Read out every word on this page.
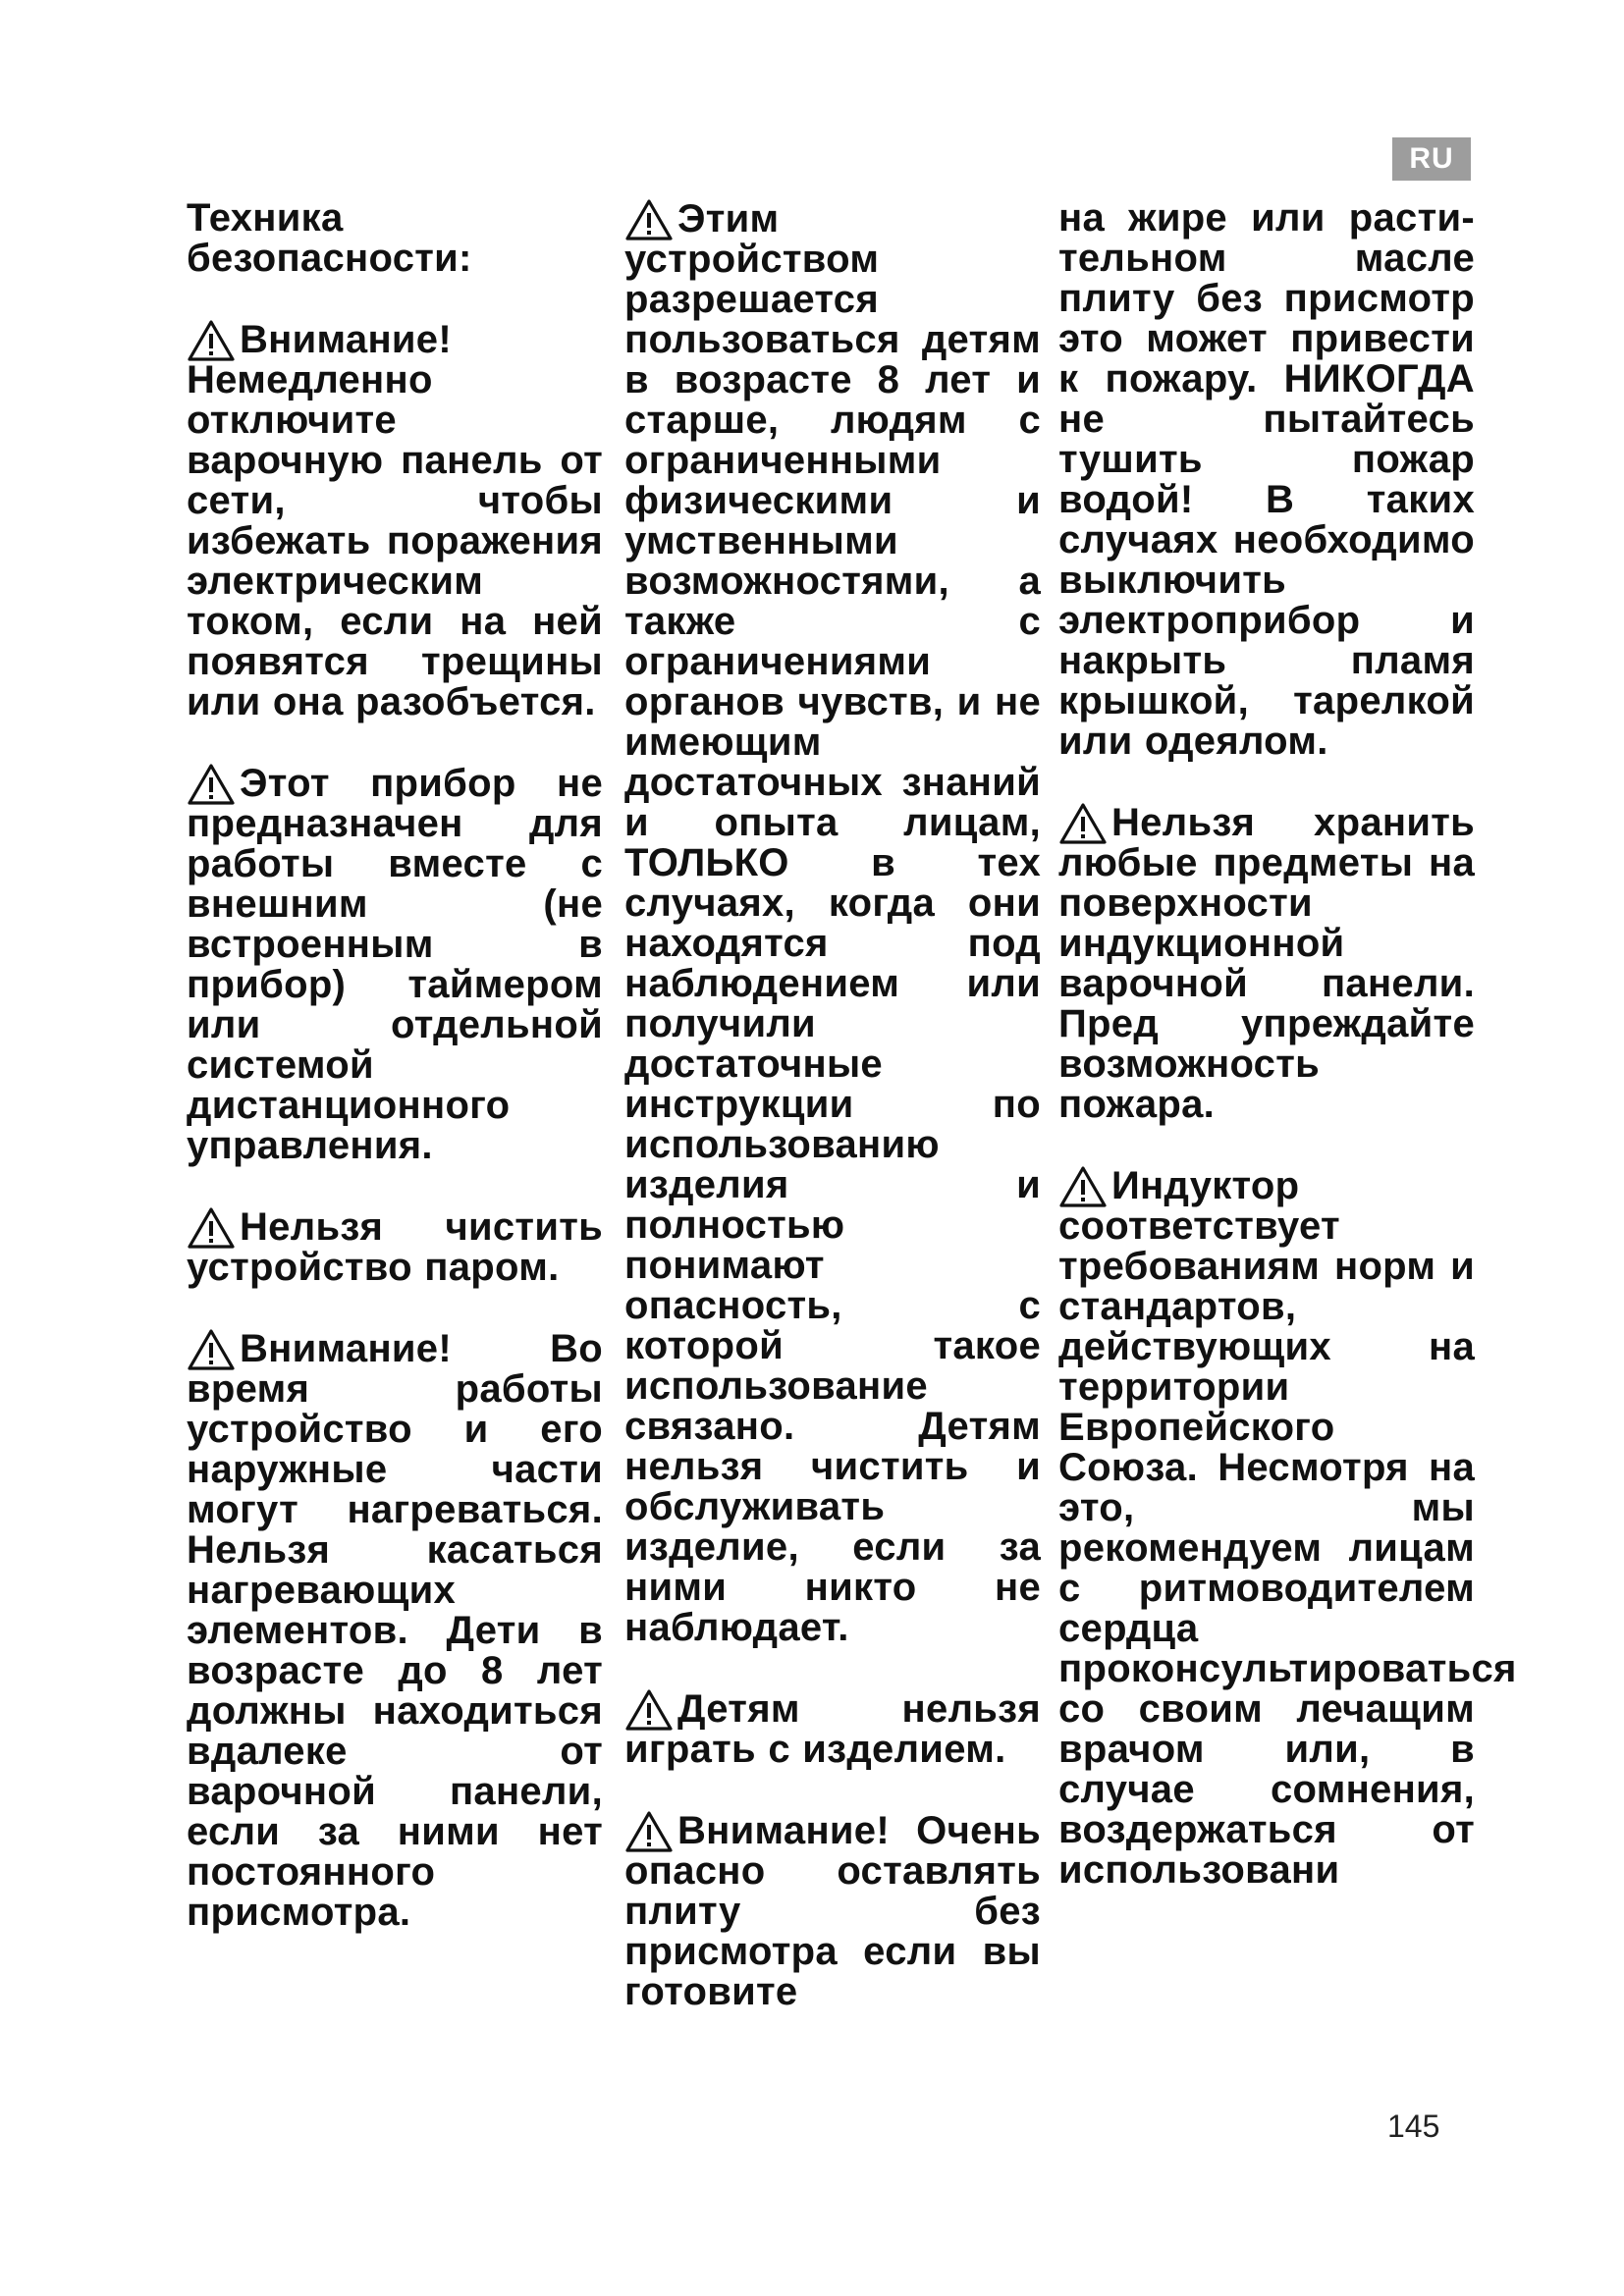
RU

Техника безопасности:

Внимание! Немедленно отключите варочную панель от сети, чтобы избежать поражения электрическим током, если на ней появятся трещины или она разобъется.

Этот прибор не предназначен для работы вместе с внешним (не встроенным в прибор) таймером или отдельной системой дистанционного управления.

Нельзя чистить устройство паром.

Внимание! Во время работы устройство и его наружные части могут нагреваться. Нельзя касаться нагревающих элементов. Дети в возрасте до 8 лет должны находиться вдалеке от варочной панели, если за ними нет постоянного присмотра.

Этим устройством разрешается пользоваться детям в возрасте 8 лет и старше, людям с ограниченными физическими и умственными возможностями, а также с ограничениями органов чувств, и не имеющим достаточных знаний и опыта лицам, ТОЛЬКО в тех случаях, когда они находятся под наблюдением или получили достаточные инструкции по использованию изделия и полностью понимают опасность, с которой такое использование связано. Детям нельзя чистить и обслуживать изделие, если за ними никто не наблюдает.

Детям нельзя играть с изделием.

Внимание! Очень опасно оставлять плиту без присмотра если вы готовите

на жире или расти- тельном масле плиту без присмотр это может привести к пожару. НИКОГДА не пытайтесь тушить пожар водой! В таких случаях необходимо выключить электроприбор и накрыть пламя крышкой, тарелкой или одеялом.

Нельзя хранить любые предметы на поверхности индукционной варочной панели. Пред упреждайте возможность пожара.

Индуктор соответствует требованиям норм и стандартов, действующих на территории Европейского Союза. Несмотря на это, мы рекомендуем лицам с ритмоводителем сердца проконсультироваться со своим лечащим врачом или, в случае сомнения, воздержаться от использовани

145
